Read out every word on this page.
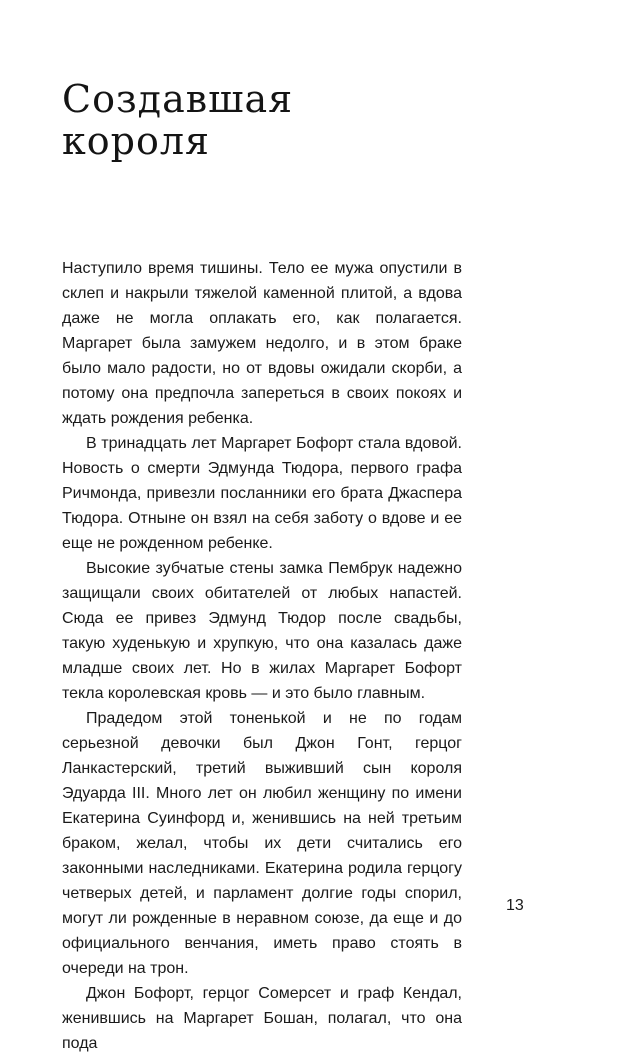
Создавшая
короля

Наступило время тишины. Тело ее мужа опустили в склеп и накрыли тяжелой каменной плитой, а вдова даже не могла оплакать его, как полагается. Маргарет была замужем недолго, и в этом браке было мало радости, но от вдовы ожидали скорби, а потому она предпочла запереться в своих покоях и ждать рождения ребенка.

В тринадцать лет Маргарет Бофорт стала вдовой. Новость о смерти Эдмунда Тюдора, первого графа Ричмонда, привезли посланники его брата Джаспера Тюдора. Отныне он взял на себя заботу о вдове и ее еще не рожденном ребенке.

Высокие зубчатые стены замка Пембрук надежно защищали своих обитателей от любых напастей. Сюда ее привез Эдмунд Тюдор после свадьбы, такую худенькую и хрупкую, что она казалась даже младше своих лет. Но в жилах Маргарет Бофорт текла королевская кровь — и это было главным.

Прадедом этой тоненькой и не по годам серьезной девочки был Джон Гонт, герцог Ланкастерский, третий выживший сын короля Эдуарда III. Много лет он любил женщину по имени Екатерина Суинфорд и, женившись на ней третьим браком, желал, чтобы их дети считались его законными наследниками. Екатерина родила герцогу четверых детей, и парламент долгие годы спорил, могут ли рожденные в неравном союзе, да еще и до официального венчания, иметь право стоять в очереди на трон.

Джон Бофорт, герцог Сомерсет и граф Кендал, женившись на Маргарет Бошан, полагал, что она пода

13
